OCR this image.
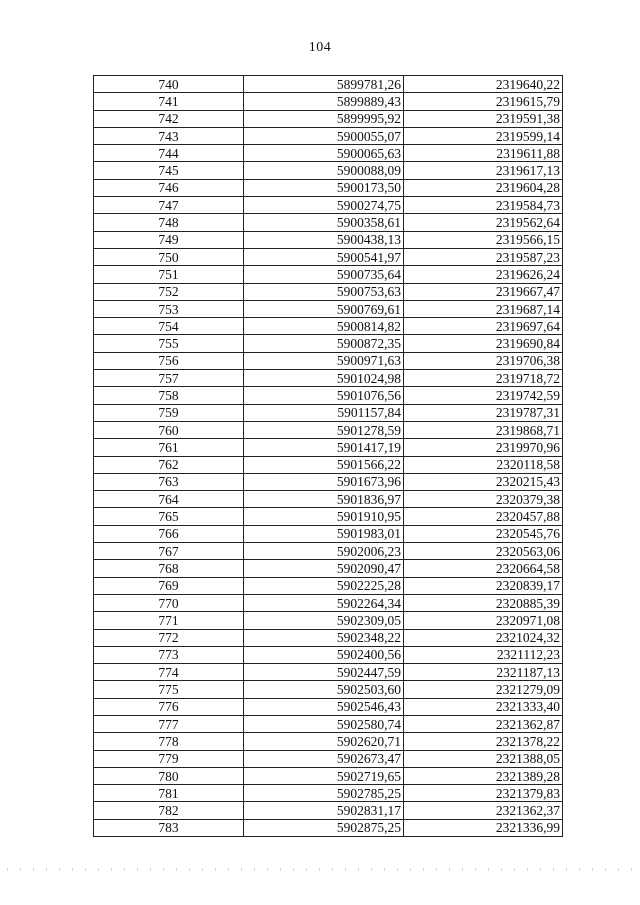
104
740	5899781,26	2319640,22
741	5899889,43	2319615,79
742	5899995,92	2319591,38
743	5900055,07	2319599,14
744	5900065,63	2319611,88
745	5900088,09	2319617,13
746	5900173,50	2319604,28
747	5900274,75	2319584,73
748	5900358,61	2319562,64
749	5900438,13	2319566,15
750	5900541,97	2319587,23
751	5900735,64	2319626,24
752	5900753,63	2319667,47
753	5900769,61	2319687,14
754	5900814,82	2319697,64
755	5900872,35	2319690,84
756	5900971,63	2319706,38
757	5901024,98	2319718,72
758	5901076,56	2319742,59
759	5901157,84	2319787,31
760	5901278,59	2319868,71
761	5901417,19	2319970,96
762	5901566,22	2320118,58
763	5901673,96	2320215,43
764	5901836,97	2320379,38
765	5901910,95	2320457,88
766	5901983,01	2320545,76
767	5902006,23	2320563,06
768	5902090,47	2320664,58
769	5902225,28	2320839,17
770	5902264,34	2320885,39
771	5902309,05	2320971,08
772	5902348,22	2321024,32
773	5902400,56	2321112,23
774	5902447,59	2321187,13
775	5902503,60	2321279,09
776	5902546,43	2321333,40
777	5902580,74	2321362,87
778	5902620,71	2321378,22
779	5902673,47	2321388,05
780	5902719,65	2321389,28
781	5902785,25	2321379,83
782	5902831,17	2321362,37
783	5902875,25	2321336,99
